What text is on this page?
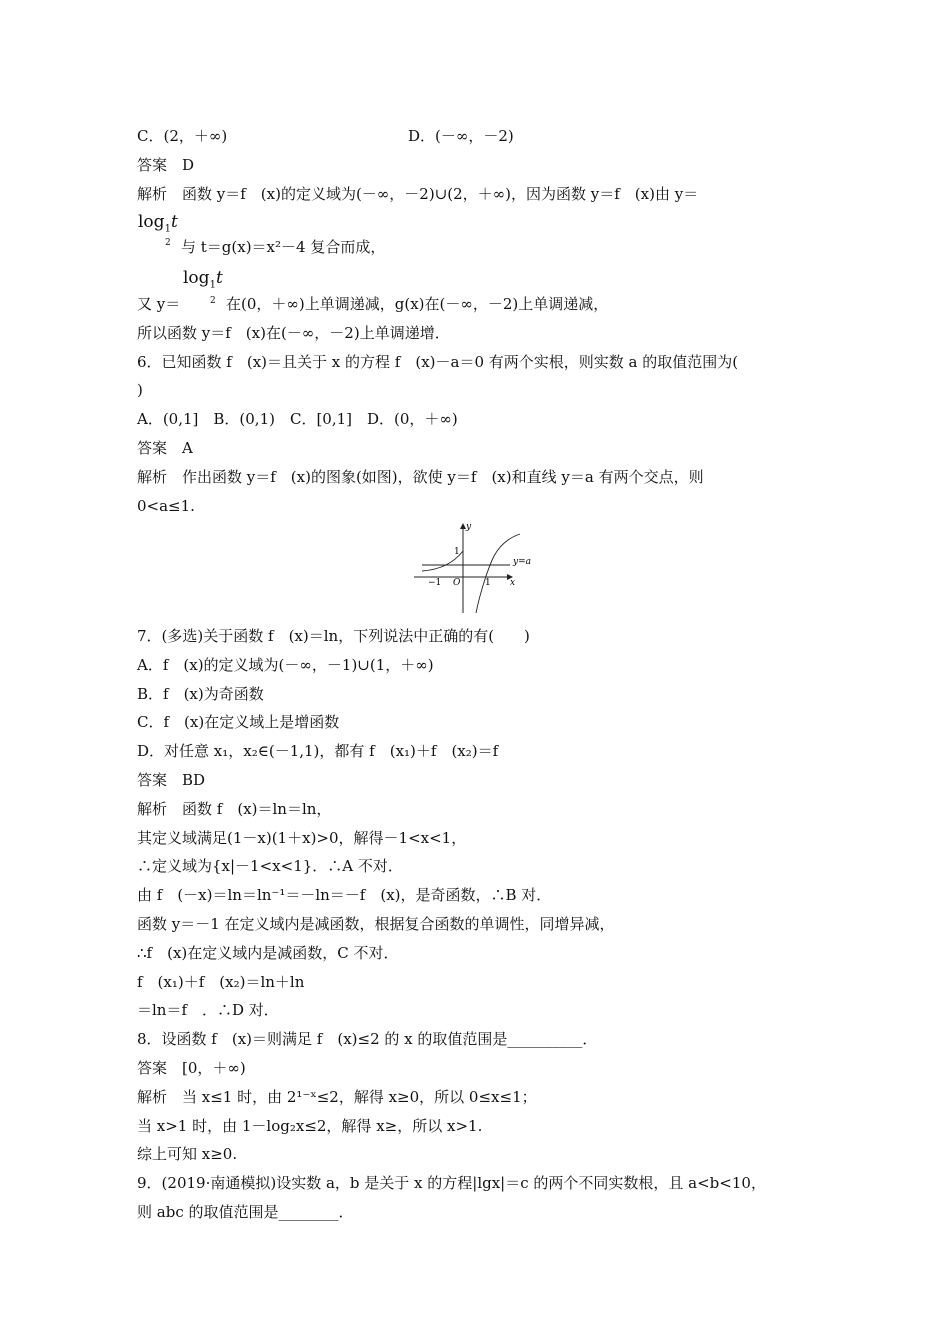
C．(2，＋∞)	D．(－∞，－2)
答案　D
解析　函数 y＝f　(x)的定义域为(－∞，－2)∪(2，＋∞)，因为函数 y＝f　(x)由 y＝
$\log_1t$
2 与 t＝g(x)＝x²－4 复合而成，
$\log_1t$
又 y＝	2 在(0，＋∞)上单调递减，g(x)在(－∞，－2)上单调递减，
所以函数 y＝f　(x)在(－∞，－2)上单调递增．
6．已知函数 f　(x)＝且关于 x 的方程 f　(x)－a＝0 有两个实根，则实数 a 的取值范围为(
)
A．(0,1]　B．(0,1)　C．[0,1]　D．(0，＋∞)
答案　A
解析　作出函数 y＝f　(x)的图象(如图)，欲使 y＝f　(x)和直线 y＝a 有两个交点，则
0<a≤1.
y
x
O
−1	1
1
y=a
7．(多选)关于函数 f　(x)＝ln，下列说法中正确的有(　　)
A．f　(x)的定义域为(－∞，－1)∪(1，＋∞)
B．f　(x)为奇函数
C．f　(x)在定义域上是增函数
D．对任意 x₁，x₂∈(－1,1)，都有 f　(x₁)＋f　(x₂)＝f
答案　BD
解析　函数 f　(x)＝ln＝ln，
其定义域满足(1－x)(1＋x)>0，解得－1<x<1，
∴定义域为{x|－1<x<1}．∴A 不对．
由 f　(－x)＝ln＝ln⁻¹＝－ln＝－f　(x)，是奇函数，∴B 对．
函数 y＝－1 在定义域内是减函数，根据复合函数的单调性，同增异减，
∴f　(x)在定义域内是减函数，C 不对．
f　(x₁)＋f　(x₂)＝ln＋ln
＝ln＝f　．∴D 对．
8．设函数 f　(x)＝则满足 f　(x)≤2 的 x 的取值范围是__________．
答案　[0，＋∞)
解析　当 x≤1 时，由 2¹⁻ˣ≤2，解得 x≥0，所以 0≤x≤1；
当 x>1 时，由 1－log₂x≤2，解得 x≥，所以 x>1.
综上可知 x≥0.
9．(2019·南通模拟)设实数 a，b 是关于 x 的方程|lgx|＝c 的两个不同实数根，且 a<b<10，
则 abc 的取值范围是________．
